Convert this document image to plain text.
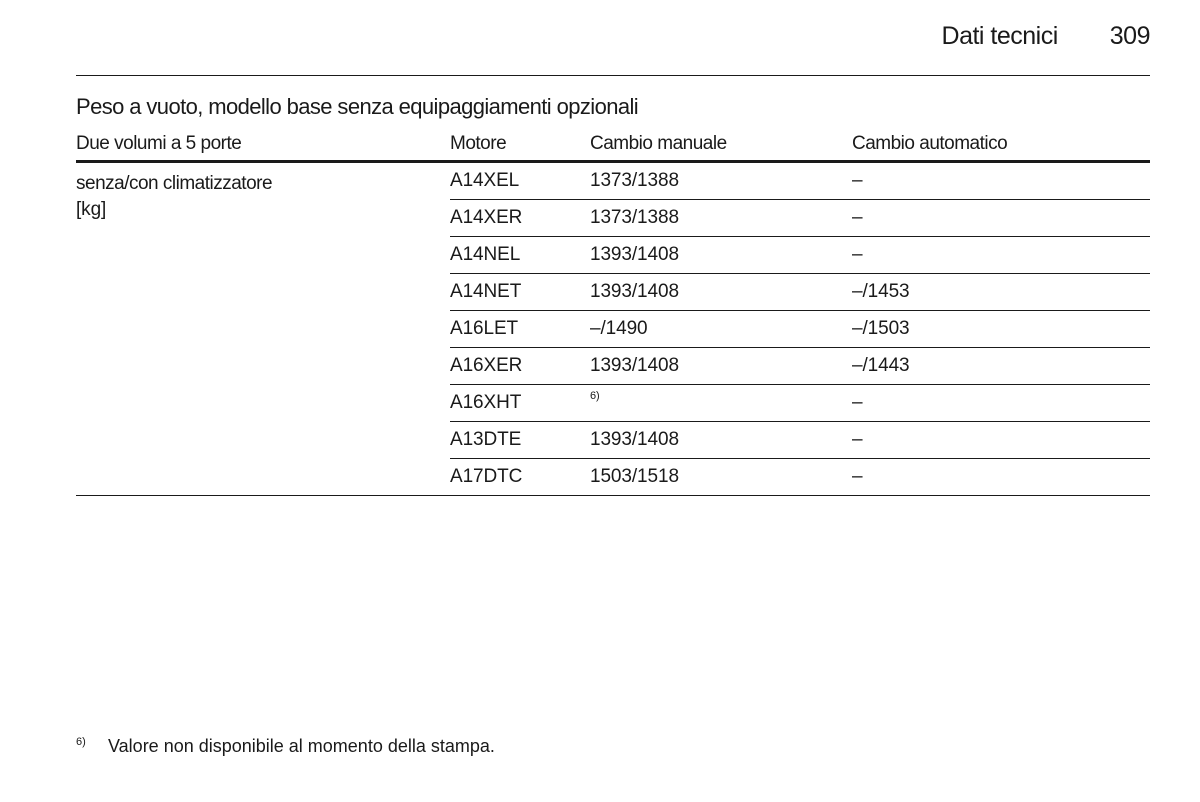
Dati tecnici 309
Peso a vuoto, modello base senza equipaggiamenti opzionali
Due volumi a 5 porte	Motore	Cambio manuale	Cambio automatico

senza/con climatizzatore
[kg]	A14XEL	1373/1388	–
	A14XER	1373/1388	–
	A14NEL	1393/1408	–
	A14NET	1393/1408	–/1453
	A16LET	–/1490	–/1503
	A16XER	1393/1408	–/1443
	A16XHT	$^{6)}$	–
	A13DTE	1393/1408	–
	A17DTC	1503/1518	–
6)	Valore non disponibile al momento della stampa.
